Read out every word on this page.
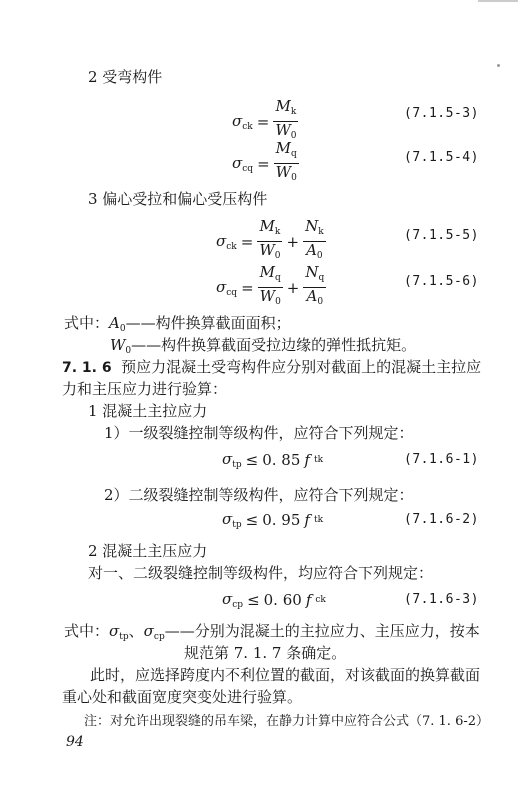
2 受弯构件
$\sigma_{ck} = \frac{M_k}{W_0}$	(7.1.5-3)
$\sigma_{cq} = \frac{M_q}{W_0}$	(7.1.5-4)
3 偏心受拉和偏心受压构件
$\sigma_{ck} = \frac{M_k}{W_0} + \frac{N_k}{A_0}$	(7.1.5-5)
$\sigma_{cq} = \frac{M_q}{W_0} + \frac{N_q}{A_0}$	(7.1.5-6)
式中：$A_0——$构件换算截面面积；
$W_0——$构件换算截面受拉边缘的弹性抵抗矩。
7. 1. 6 预应力混凝土受弯构件应分别对截面上的混凝土主拉应
力和主压应力进行验算：
1 混凝土主拉应力
1）一级裂缝控制等级构件，应符合下列规定：
$\sigma_{tp} \le 0$. 85 f tk	(7.1.6-1)
2）二级裂缝控制等级构件，应符合下列规定：
$\sigma_{tp} \le 0$. 95 f tk	(7.1.6-2)
2 混凝土主压应力
对一、二级裂缝控制等级构件，均应符合下列规定：
$\sigma_{cp} \le 0$. 60 f ck	(7.1.6-3)
式中：$\sigma_{tp}$、$\sigma_{cp}——$分别为混凝土的主拉应力、主压应力，按本
规范第 7. 1. 7 条确定。
此时，应选择跨度内不利位置的截面，对该截面的换算截面
重心处和截面宽度突变处进行验算。
注：对允许出现裂缝的吊车梁，在静力计算中应符合公式（7. 1. 6-2）
94
